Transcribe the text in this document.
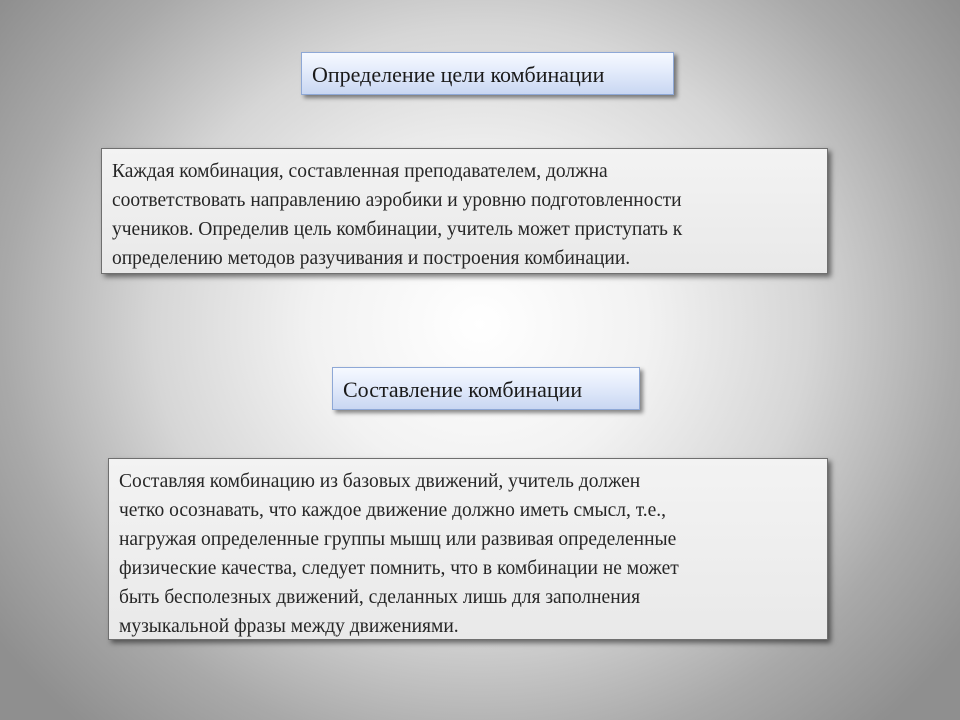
Определение цели комбинации
Каждая комбинация, составленная преподавателем, должна
соответствовать направлению аэробики и уровню подготовленности
учеников. Определив цель комбинации, учитель может приступать к
определению методов разучивания и построения комбинации.
Составление комбинации
Составляя комбинацию из базовых движений, учитель должен
четко осознавать, что каждое движение должно иметь смысл, т.е.,
нагружая определенные группы мышц или развивая определенные
физические качества, следует помнить, что в комбинации не может
быть бесполезных движений, сделанных лишь для заполнения
музыкальной фразы между движениями.
